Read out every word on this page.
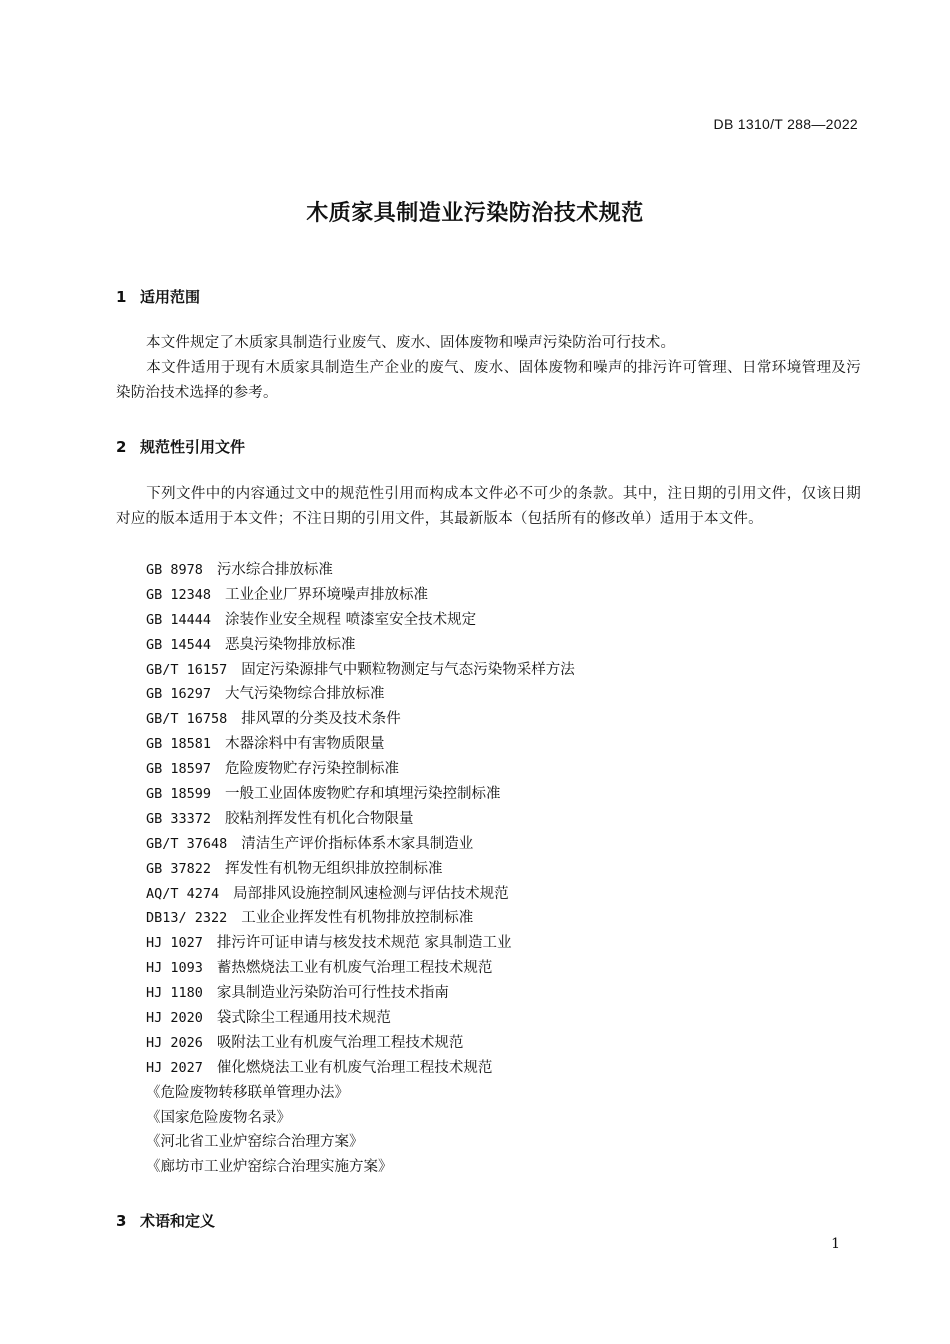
DB 1310/T 288—2022
木质家具制造业污染防治技术规范
1 适用范围
本文件规定了木质家具制造行业废气、废水、固体废物和噪声污染防治可行技术。
本文件适用于现有木质家具制造生产企业的废气、废水、固体废物和噪声的排污许可管理、日常环境管理及污染防治技术选择的参考。
2 规范性引用文件
下列文件中的内容通过文中的规范性引用而构成本文件必不可少的条款。其中，注日期的引用文件，仅该日期对应的版本适用于本文件；不注日期的引用文件，其最新版本（包括所有的修改单）适用于本文件。
GB 8978 污水综合排放标准
GB 12348 工业企业厂界环境噪声排放标准
GB 14444 涂装作业安全规程 喷漆室安全技术规定
GB 14544 恶臭污染物排放标准
GB/T 16157 固定污染源排气中颗粒物测定与气态污染物采样方法
GB 16297 大气污染物综合排放标准
GB/T 16758 排风罩的分类及技术条件
GB 18581 木器涂料中有害物质限量
GB 18597 危险废物贮存污染控制标准
GB 18599 一般工业固体废物贮存和填埋污染控制标准
GB 33372 胶粘剂挥发性有机化合物限量
GB/T 37648 清洁生产评价指标体系木家具制造业
GB 37822 挥发性有机物无组织排放控制标准
AQ/T 4274 局部排风设施控制风速检测与评估技术规范
DB13/ 2322 工业企业挥发性有机物排放控制标准
HJ 1027 排污许可证申请与核发技术规范 家具制造工业
HJ 1093 蓄热燃烧法工业有机废气治理工程技术规范
HJ 1180 家具制造业污染防治可行性技术指南
HJ 2020 袋式除尘工程通用技术规范
HJ 2026 吸附法工业有机废气治理工程技术规范
HJ 2027 催化燃烧法工业有机废气治理工程技术规范
《危险废物转移联单管理办法》
《国家危险废物名录》
《河北省工业炉窑综合治理方案》
《廊坊市工业炉窑综合治理实施方案》
3 术语和定义
1
